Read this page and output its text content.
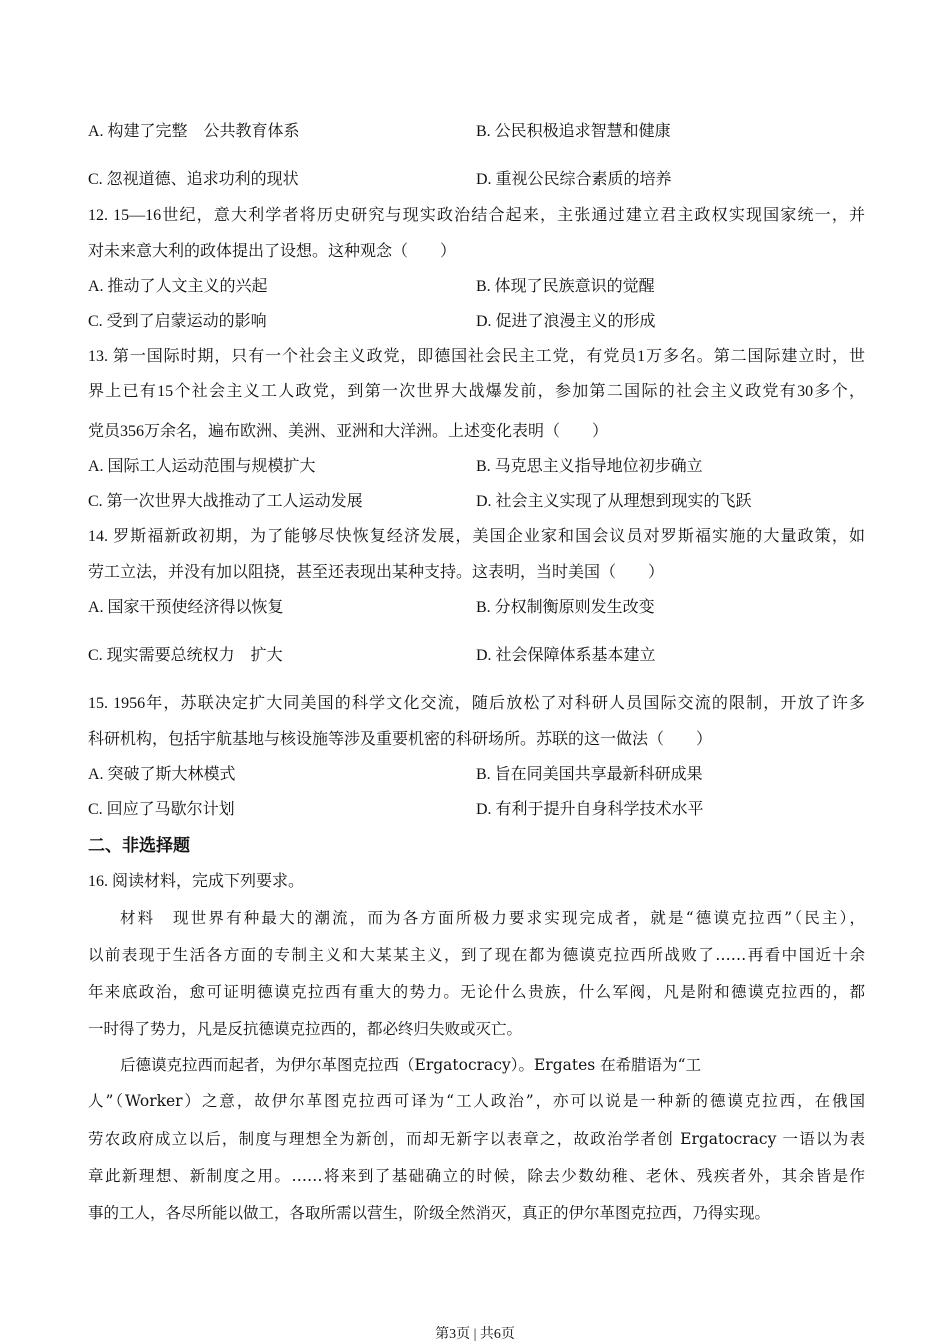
A. 构建了完整　公共教育体系	B. 公民积极追求智慧和健康
C. 忽视道德、追求功利的现状	D. 重视公民综合素质的培养
12. 15—16世纪，意大利学者将历史研究与现实政治结合起来，主张通过建立君主政权实现国家统一，并
对未来意大利的政体提出了设想。这种观念（　　）
A. 推动了人文主义的兴起	B. 体现了民族意识的觉醒
C. 受到了启蒙运动的影响	D. 促进了浪漫主义的形成
13. 第一国际时期，只有一个社会主义政党，即德国社会民主工党，有党员1万多名。第二国际建立时，世
界上已有15个社会主义工人政党，到第一次世界大战爆发前，参加第二国际的社会主义政党有30多个，
党员356万余名，遍布欧洲、美洲、亚洲和大洋洲。上述变化表明（　　）
A. 国际工人运动范围与规模扩大	B. 马克思主义指导地位初步确立
C. 第一次世界大战推动了工人运动发展	D. 社会主义实现了从理想到现实的飞跃
14. 罗斯福新政初期，为了能够尽快恢复经济发展，美国企业家和国会议员对罗斯福实施的大量政策，如
劳工立法，并没有加以阻挠，甚至还表现出某种支持。这表明，当时美国（　　）
A. 国家干预使经济得以恢复	B. 分权制衡原则发生改变
C. 现实需要总统权力　扩大	D. 社会保障体系基本建立
15. 1956年，苏联决定扩大同美国的科学文化交流，随后放松了对科研人员国际交流的限制，开放了许多
科研机构，包括宇航基地与核设施等涉及重要机密的科研场所。苏联的这一做法（　　）
A. 突破了斯大林模式	B. 旨在同美国共享最新科研成果
C. 回应了马歇尔计划	D. 有利于提升自身科学技术水平
二、非选择题
16. 阅读材料，完成下列要求。
材料　现世界有种最大的潮流，而为各方面所极力要求实现完成者，就是“德谟克拉西”（民主），
以前表现于生活各方面的专制主义和大某某主义，到了现在都为德谟克拉西所战败了……再看中国近十余
年来底政治，愈可证明德谟克拉西有重大的势力。无论什么贵族，什么军阀，凡是附和德谟克拉西的，都
一时得了势力，凡是反抗德谟克拉西的，都必终归失败或灭亡。
后德谟克拉西而起者，为伊尔革图克拉西（Ergatocracy）。Ergates 在希腊语为“工
人”（Worker）之意，故伊尔革图克拉西可译为“工人政治”，亦可以说是一种新的德谟克拉西，在俄国
劳农政府成立以后，制度与理想全为新创，而却无新字以表章之，故政治学者创 Ergatocracy 一语以为表
章此新理想、新制度之用。……将来到了基础确立的时候，除去少数幼稚、老休、残疾者外，其余皆是作
事的工人，各尽所能以做工，各取所需以营生，阶级全然消灭，真正的伊尔革图克拉西，乃得实现。
第3页 | 共6页
